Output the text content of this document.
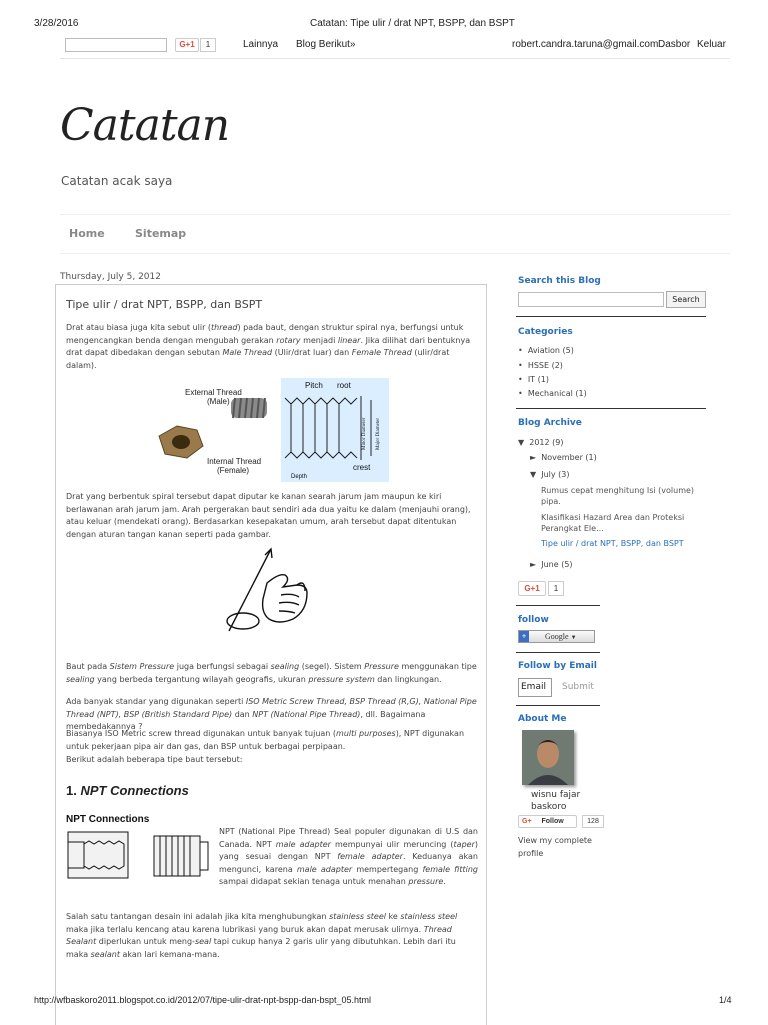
3/28/2016	Catatan: Tipe ulir / drat NPT, BSPP, dan BSPT
G+1	1	Lainnya Blog Berikut»	robert.candra.taruna@gmail.com Dasbor Keluar
Catatan
Catatan acak saya
Home	Sitemap
Thursday, July 5, 2012
Tipe ulir / drat NPT, BSPP, dan BSPT
Drat atau biasa juga kita sebut ulir (thread) pada baut, dengan struktur spiral nya, berfungsi untuk mengencangkan benda dengan mengubah gerakan rotary menjadi linear. Jika dilihat dari bentuknya drat dapat dibedakan dengan sebutan Male Thread (Ulir/drat luar) dan Female Thread (ulir/drat dalam).
External Thread
(Male)
Internal Thread
(Female)
Pitch root
crest
Depth
Minor Diameter Major Diameter
Drat yang berbentuk spiral tersebut dapat diputar ke kanan searah jarum jam maupun ke kiri berlawanan arah jarum jam. Arah pergerakan baut sendiri ada dua yaitu ke dalam (menjauhi orang), atau keluar (mendekati orang). Berdasarkan kesepakatan umum, arah tersebut dapat ditentukan dengan aturan tangan kanan seperti pada gambar.
Baut pada Sistem Pressure juga berfungsi sebagai sealing (segel). Sistem Pressure menggunakan tipe sealing yang berbeda tergantung wilayah geografis, ukuran pressure system dan lingkungan.
Ada banyak standar yang digunakan seperti ISO Metric Screw Thread, BSP Thread (R,G), National Pipe Thread (NPT), BSP (British Standard Pipe) dan NPT (National Pipe Thread), dll. Bagaimana membedakannya ?
Biasanya ISO Metric screw thread digunakan untuk banyak tujuan (multi purposes), NPT digunakan untuk pekerjaan pipa air dan gas, dan BSP untuk berbagai perpipaan.
Berikut adalah beberapa tipe baut tersebut:
1. NPT Connections
NPT Connections
NPT (National Pipe Thread) Seal populer digunakan di U.S dan Canada. NPT male adapter mempunyai ulir meruncing (taper) yang sesuai dengan NPT female adapter. Keduanya akan mengunci, karena male adapter mempertegang female fitting sampai didapat sekian tenaga untuk menahan pressure.
Salah satu tantangan desain ini adalah jika kita menghubungkan stainless steel ke stainless steel maka jika terlalu kencang atau karena lubrikasi yang buruk akan dapat merusak ulirnya. Thread Sealant diperlukan untuk meng-seal tapi cukup hanya 2 garis ulir yang dibutuhkan. Lebih dari itu maka sealant akan lari kemana-mana.
Search this Blog
Search
Categories
•  Aviation (5)
•  HSSE (2)
•  IT (1)
•  Mechanical (1)
Blog Archive
▼  2012 (9)
►  November (1)
▼  July (3)
Rumus cepat menghitung Isi (volume) pipa.
Klasifikasi Hazard Area dan Proteksi Perangkat Ele...
Tipe ulir / drat NPT, BSPP, dan BSPT
►  June (5)
G+1	1
follow
+ Google ▼
Follow by Email
Email	Submit
About Me
wisnu fajar
baskoro
G+ Follow	128
View my complete
profile
http://wfbaskoro2011.blogspot.co.id/2012/07/tipe-ulir-drat-npt-bspp-dan-bspt_05.html	1/4
